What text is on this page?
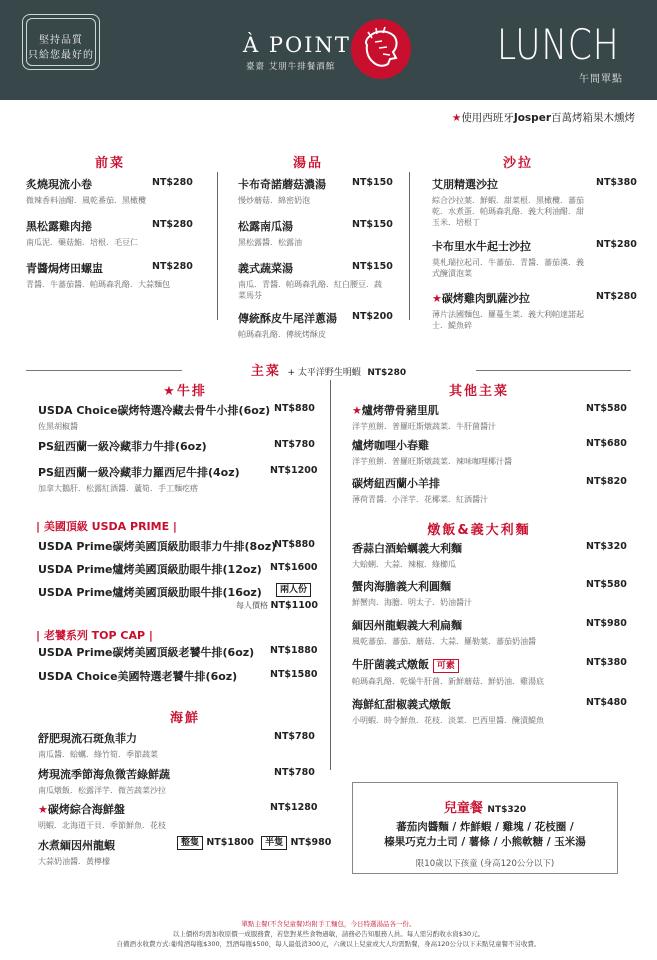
堅持品質
只給您最好的	À POINT
臺齋 艾朋牛排餐酒館	LUNCH
午間單點
★使用西班牙Josper百萬烤箱果木燻烤
前菜	湯品	沙拉
炙燒現流小卷	NT$280
微辣香料油醋．風乾番茄．黑橄欖
黑松露雞肉捲	NT$280
南瓜泥．藥菇鮨．培根．毛豆仁
青醬焗烤田螺盅	NT$280
青醬．牛蕃茄醬．帕瑪森乳酪．大蒜麵包
卡布奇諾蘑菇濃湯	NT$150
慢炒蘑菇．綿密奶泡
松露南瓜湯	NT$150
黑松露醬．松露油
義式蔬菜湯	NT$150
南瓜．青醬．帕瑪森乳酪．紅白腰豆．蔬菜馬芬
傳統酥皮牛尾洋蔥湯	NT$200
帕瑪森乳酪．傳統烤酥皮
艾朋精選沙拉	NT$380
綜合沙拉葉．鮮蝦．甜菜根．黑橄欖．蕃茄乾．水煮蛋．帕瑪森乳酪．義大利油醋．甜玉米．培根丁
卡布里水牛起士沙拉	NT$280
莫札瑞拉起司．牛蕃茄．青醬．蕃茄漢．義式醃漬泡菜
★碳烤雞肉凱薩沙拉	NT$280
薄片法國麵包．羅蔓生菜．義大利帕達諾起士．鯷魚碎
主菜 + 太平洋野生明蝦 NT$280
★牛排
USDA Choice碳烤特選冷藏去骨牛小排(6oz) NT$880
佐黑胡椒醬
PS紐西蘭一級冷藏菲力牛排(6oz)	NT$780
PS紐西蘭一級冷藏菲力羅西尼牛排(4oz)	NT$1200
加拿大鵝肝．松露紅酒醬．蘆筍．手工麵疙瘩
| 美國頂級 USDA PRIME |
USDA Prime碳烤美國頂級肋眼菲力牛排(8oz)
NT$880
USDA Prime爐烤美國頂級肋眼牛排(12oz) NT$1600
USDA Prime爐烤美國頂級肋眼牛排(16oz)	兩人份
每人價格 NT$1100
| 老饕系列 TOP CAP |
USDA Prime碳烤美國頂級老饕牛排(6oz)	NT$1880
USDA Choice美國特選老饕牛排(6oz)	NT$1580
海鮮
舒肥現流石斑魚菲力	NT$780
南瓜醬．蛤蠣．綠竹筍．季節蔬菜
烤現流季節海魚微苦綠鮮蔬	NT$780
南瓜燉飯．松露洋芋．微苦蔬菜沙拉
★碳烤綜合海鮮盤	NT$1280
明蝦．北海道干貝．季節鮮魚．花枝
水煮緬因州龍蝦	整隻 NT$1800 半隻 NT$980
大蒜奶油醬．黃檸檬
其他主菜
★爐烤帶骨豬里肌	NT$580
洋芋煎餅．普羅旺斯燉蔬菜．牛肝菌醬汁
爐烤咖哩小春雞	NT$680
洋芋煎餅．普羅旺斯燉蔬菜．辣味咖哩椰汁醬
碳烤紐西蘭小羊排	NT$820
薄荷青醬．小洋芋．花椰菜．紅酒醬汁
燉飯&義大利麵
香蒜白酒蛤蠣義大利麵	NT$320
大蛤蜊．大蒜．辣椒．綠櫛瓜
蟹肉海膽義大利圓麵	NT$580
鮮蟹肉．海膽．明太子．奶油醬汁
緬因州龍蝦義大利扁麵	NT$980
風乾蕃茄．蕃茄．蘑菇．大蒜．羅勒葉．蕃茄奶油醬
牛肝菌義式燉飯 可素	NT$380
帕瑪森乳酪．乾燥牛肝菌．新鮮蘑菇．鮮奶油．雞湯底
海鮮紅甜椒義式燉飯	NT$480
小明蝦．時令鮮魚．花枝．淡菜．巴西里醬．醃漬鯷魚
兒童餐 NT$320
蕃茄肉醬麵 / 炸鮮蝦 / 雞塊 / 花枝圈 /
榛果巧克力土司 / 薯條 / 小熊軟糖 / 玉米湯
限10歲以下孩童 (身高120公分以下)
單點主餐(不含兒童餐)均附手工麵包，今日特選湯品各一份。
以上價格均需加收原價一成服務費，若您對某些食物過敏，請務必告知服務人員。每人需另酌收水資$30元。
自備酒水收費方式:葡萄酒每瓶$300，烈酒每瓶$500，每人最低消300元，六歲以上兒童或大人均需點餐，身高120公分以下未點兒童餐不另收費。
